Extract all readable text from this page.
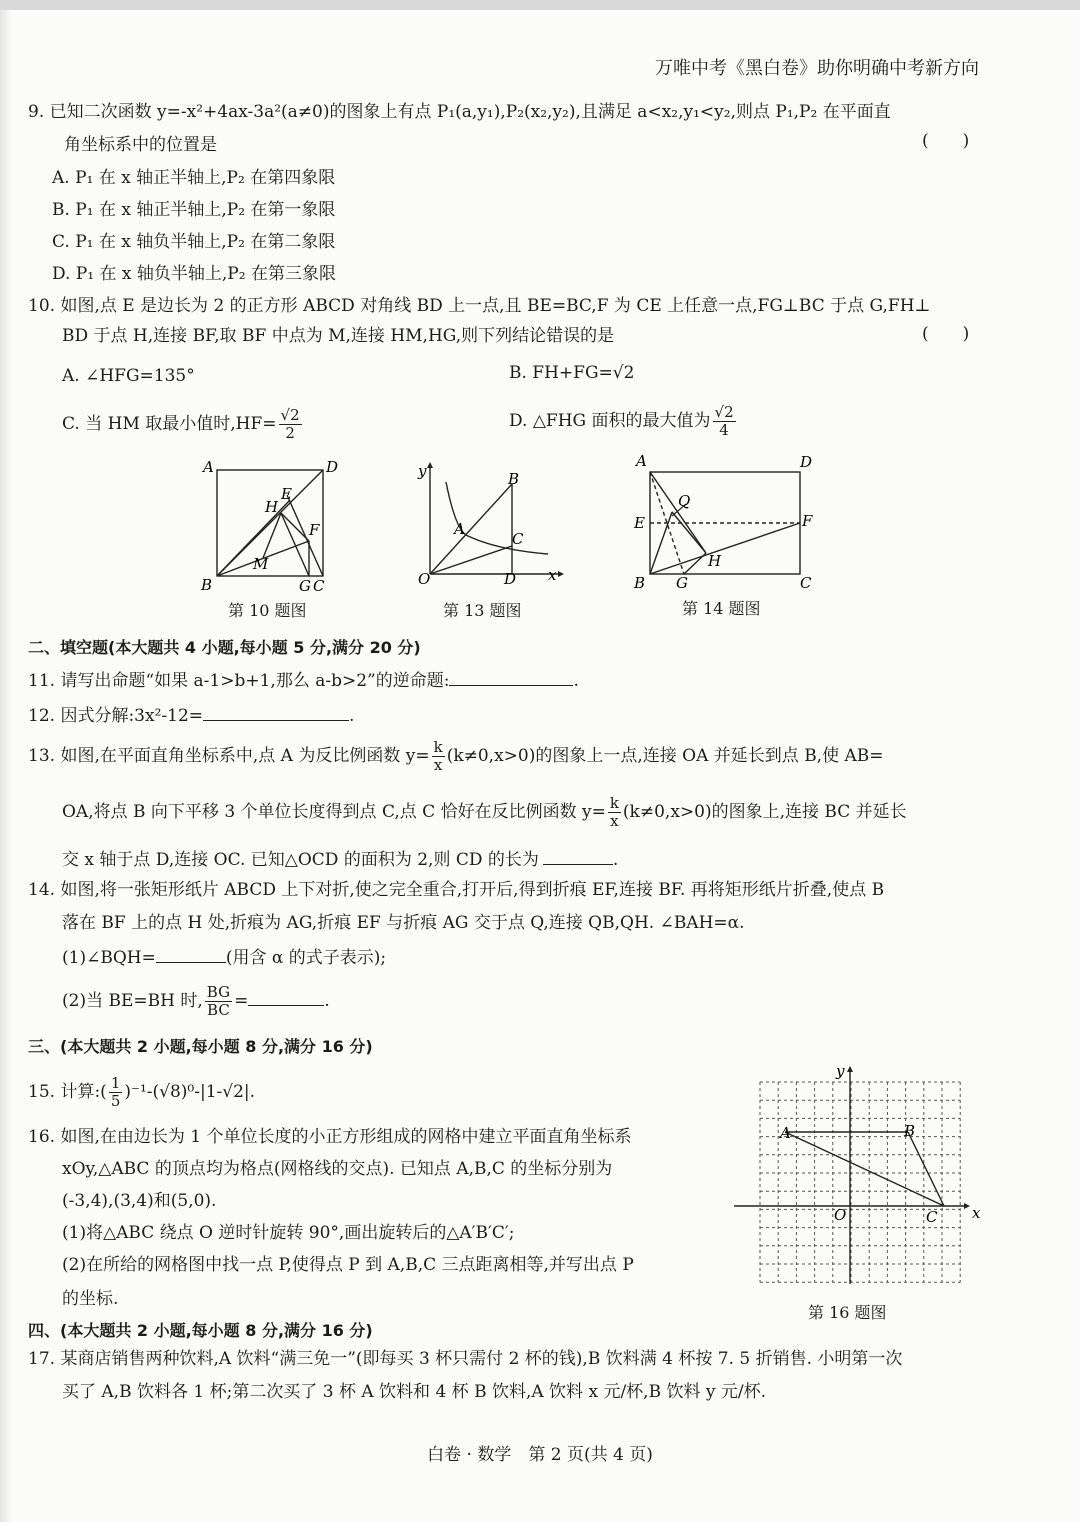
万唯中考《黑白卷》助你明确中考新方向
9. 已知二次函数 y=-x²+4ax-3a²(a≠0)的图象上有点 P₁(a,y₁),P₂(x₂,y₂),且满足 a<x₂,y₁<y₂,则点 P₁,P₂ 在平面直
角坐标系中的位置是	(　　)
A. P₁ 在 x 轴正半轴上,P₂ 在第四象限
B. P₁ 在 x 轴正半轴上,P₂ 在第一象限
C. P₁ 在 x 轴负半轴上,P₂ 在第二象限
D. P₁ 在 x 轴负半轴上,P₂ 在第三象限
10. 如图,点 E 是边长为 2 的正方形 ABCD 对角线 BD 上一点,且 BE=BC,F 为 CE 上任意一点,FG⊥BC 于点 G,FH⊥
BD 于点 H,连接 BF,取 BF 中点为 M,连接 HM,HG,则下列结论错误的是	(　　)
A. ∠HFG=135°	B. FH+FG=√2
C. 当 HM 取最小值时$,HF= \frac{√2}{2}$	D. △FHG 面积的最大值为 $\frac{√2}{4}$
A	D
B	C
G
E
H
F
M
第 10 题图
y
x
O
A
B
C
D
第 13 题图
A	D
B	C
E	F
Q
H
G
第 14 题图
二、填空题(本大题共 4 小题,每小题 5 分,满分 20 分)
11. 请写出命题“如果 a-1>b+1,那么 a-b>2”的逆命题:	.
12. 因式分解:3x²-12=	.
13. 如图,在平面直角坐标系中,点 A 为反比例函数 $y= \frac{k}{x} (k\ne 0,x>0)$的图象上一点,连接 OA 并延长到点 B,使 AB=
OA,将点 B 向下平移 3 个单位长度得到点 C,点 C 恰好在反比例函数 $y= \frac{k}{x} (k\ne 0,x>0)$的图象上,连接 BC 并延长
交 x 轴于点 D,连接 OC. 已知△OCD 的面积为 2,则 CD 的长为	.
14. 如图,将一张矩形纸片 ABCD 上下对折,使之完全重合,打开后,得到折痕 EF,连接 BF. 再将矩形纸片折叠,使点 B
落在 BF 上的点 H 处,折痕为 AG,折痕 EF 与折痕 AG 交于点 Q,连接 QB,QH. ∠BAH=α.
(1)∠BQH=	(用含 α 的式子表示);
(2)当 BE=BH 时, $\frac{BG}{BC}$ =	.
三、(本大题共 2 小题,每小题 8 分,满分 16 分)
15. 计算:( $\frac{1}{5} )^{-1}-(√8)^0-|1-√2|$.
16. 如图,在由边长为 1 个单位长度的小正方形组成的网格中建立平面直角坐标系
xOy,△ABC 的顶点均为格点(网格线的交点). 已知点 A,B,C 的坐标分别为
(-3,4),(3,4)和(5,0).
(1)将△ABC 绕点 O 逆时针旋转 90°,画出旋转后的△A′B′C′;
(2)在所给的网格图中找一点 P,使得点 P 到 A,B,C 三点距离相等,并写出点 P
的坐标.
y
x
O
A	B
C
第 16 题图
四、(本大题共 2 小题,每小题 8 分,满分 16 分)
17. 某商店销售两种饮料,A 饮料“满三免一”(即每买 3 杯只需付 2 杯的钱),B 饮料满 4 杯按 7. 5 折销售. 小明第一次
买了 A,B 饮料各 1 杯;第二次买了 3 杯 A 饮料和 4 杯 B 饮料,A 饮料 x 元/杯,B 饮料 y 元/杯.
白卷 · 数学　第 2 页(共 4 页)
